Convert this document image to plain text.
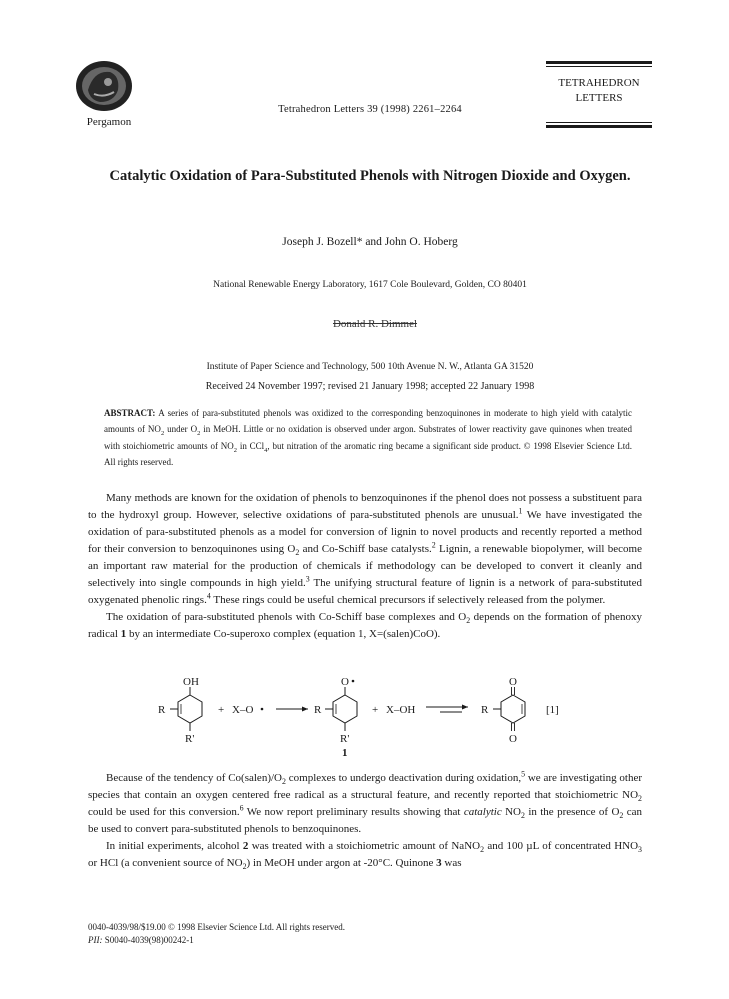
Pergamon
Tetrahedron Letters 39 (1998) 2261–2264
TETRAHEDRON
LETTERS
Catalytic Oxidation of Para-Substituted Phenols with Nitrogen Dioxide and Oxygen.
Joseph J. Bozell* and John O. Hoberg
National Renewable Energy Laboratory, 1617 Cole Boulevard, Golden, CO 80401
Donald R. Dimmel
Institute of Paper Science and Technology, 500 10th Avenue N. W., Atlanta GA 31520
Received 24 November 1997; revised 21 January 1998; accepted 22 January 1998
ABSTRACT: A series of para-substituted phenols was oxidized to the corresponding benzoquinones in moderate to high yield with catalytic amounts of $NO_2$ under $O_2$ in MeOH. Little or no oxidation is observed under argon. Substrates of lower reactivity gave quinones when treated with stoichiometric amounts of $NO_2$ in CCl$_4$, but nitration of the aromatic ring became a significant side product. © 1998 Elsevier Science Ltd. All rights reserved.

Many methods are known for the oxidation of phenols to benzoquinones if the phenol does not possess a substituent para to the hydroxyl group. However, selective oxidations of para-substituted phenols are unusual.$^1$ We have investigated the oxidation of para-substituted phenols as a model for conversion of lignin to novel products and recently reported a method for their conversion to benzoquinones using $O_2$ and Co-Schiff base catalysts.$^2$ Lignin, a renewable biopolymer, will become an important raw material for the production of chemicals if methodology can be developed to convert it cleanly and selectively into single compounds in high yield.$^3$ The unifying structural feature of lignin is a network of para-substituted oxygenated phenolic rings.$^4$ These rings could be useful chemical precursors if selectively released from the polymer.

The oxidation of para-substituted phenols with Co-Schiff base complexes and $O_2$ depends on the formation of phenoxy radical 1 by an intermediate Co-superoxo complex (equation 1, X=(salen)CoO).

OH
R
R'
+ X–O
O
R
R'
1
+ X–OH
O
O
R	[1]

Because of the tendency of $Co(salen)/O_2$ complexes to undergo deactivation during oxidation,$^5$ we are investigating other species that contain an oxygen centered free radical as a structural feature, and recently reported that stoichiometric $NO_2$ could be used for this conversion.$^6$ We now report preliminary results showing that catalytic $NO_2$ in the presence of $O_2$ can be used to convert para-substituted phenols to benzoquinones.

In initial experiments, alcohol 2 was treated with a stoichiometric amount of NaNO$_2$ and 100 µL of concentrated $HNO_3$ or HCl (a convenient source of $NO_2$) in MeOH under argon at -20°C. Quinone 3 was

0040-4039/98/$19.00 © 1998 Elsevier Science Ltd. All rights reserved.
PII: S0040-4039(98)00242-1
